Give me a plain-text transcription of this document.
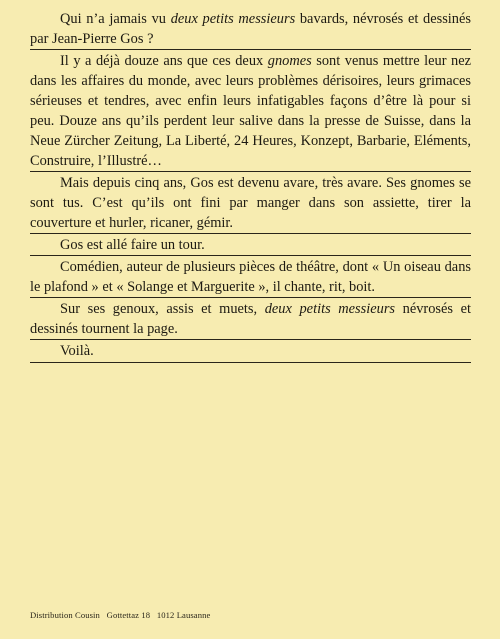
Qui n’a jamais vu deux petits messieurs bavards, névrosés et dessinés par Jean-Pierre Gos ?

Il y a déjà douze ans que ces deux gnomes sont venus mettre leur nez dans les affaires du monde, avec leurs problèmes dérisoires, leurs grimaces sérieuses et tendres, avec enfin leurs infatigables façons d’être là pour si peu. Douze ans qu’ils perdent leur salive dans la presse de Suisse, dans la Neue Zürcher Zeitung, La Liberté, 24 Heures, Konzept, Barbarie, Eléments, Construire, l’Illustré…

Mais depuis cinq ans, Gos est devenu avare, très avare. Ses gnomes se sont tus. C’est qu’ils ont fini par manger dans son assiette, tirer la couverture et hurler, ricaner, gémir.

Gos est allé faire un tour.

Comédien, auteur de plusieurs pièces de théâtre, dont « Un oiseau dans le plafond » et « Solange et Marguerite », il chante, rit, boit.

Sur ses genoux, assis et muets, deux petits messieurs névrosés et dessinés tournent la page.

Voilà.

Distribution Cousin   Gottettaz 18   1012 Lausanne
